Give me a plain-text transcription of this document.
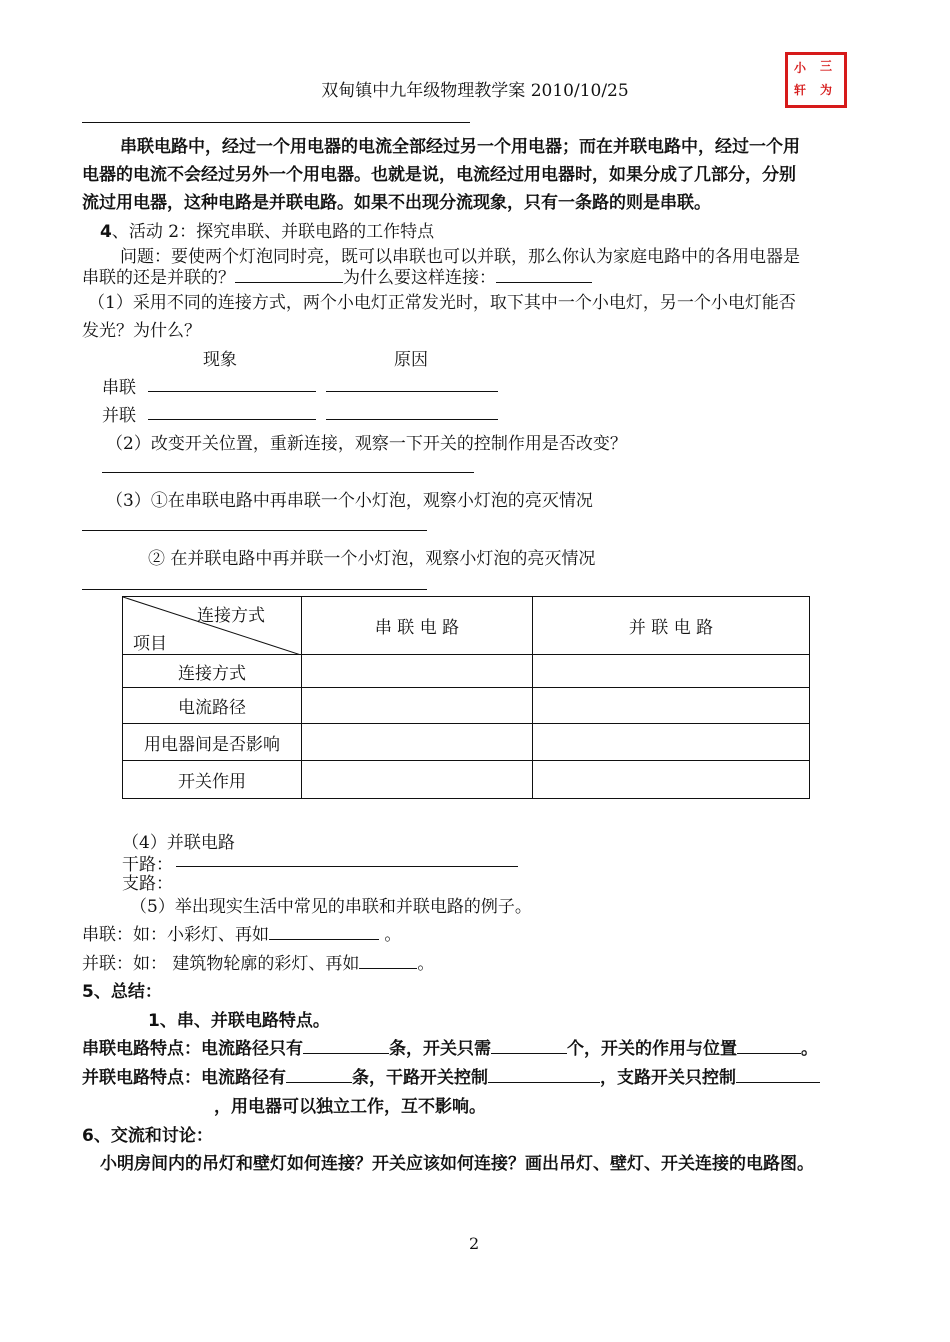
双甸镇中九年级物理教学案 2010/10/25
小 三
轩 为
串联电路中，经过一个用电器的电流全部经过另一个用电器；而在并联电路中，经过一个用
电器的电流不会经过另外一个用电器。也就是说，电流经过用电器时，如果分成了几部分，分别
流过用电器，这种电路是并联电路。如果不出现分流现象，只有一条路的则是串联。
4、活动 2：探究串联、并联电路的工作特点
问题：要使两个灯泡同时亮，既可以串联也可以并联，那么你认为家庭电路中的各用电器是
串联的还是并联的？	为什么要这样连接：
（1）采用不同的连接方式，两个小电灯正常发光时，取下其中一个小电灯，另一个小电灯能否
发光？为什么？
现象	原因
串联
并联
（2）改变开关位置，重新连接，观察一下开关的控制作用是否改变？
（3）①在串联电路中再串联一个小灯泡，观察小灯泡的亮灭情况
② 在并联电路中再并联一个小灯泡，观察小灯泡的亮灭情况
连接方式
项目	串 联 电 路	并 联 电 路
连接方式		
电流路径		
用电器间是否影响		
开关作用		
（4）并联电路
干路：
支路：
（5）举出现实生活中常见的串联和并联电路的例子。
串联：如：小彩灯、再如	。
并联：如： 建筑物轮廓的彩灯、再如	。
5、总结：
1、串、并联电路特点。
串联电路特点：电流路径只有	条，开关只需	个，开关的作用与位置	。
并联电路特点：电流路径有	条，干路开关控制	，支路开关只控制
，用电器可以独立工作，互不影响。
6、交流和讨论：
小明房间内的吊灯和壁灯如何连接？开关应该如何连接？画出吊灯、壁灯、开关连接的电路图。
2
